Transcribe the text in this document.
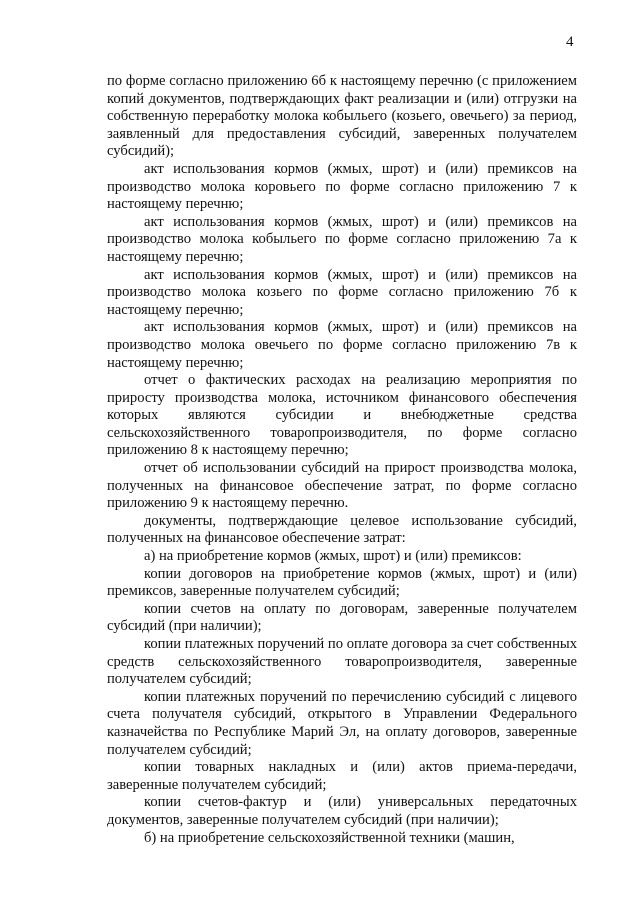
4

по форме согласно приложению 6б к настоящему перечню (с приложением копий документов, подтверждающих факт реализации и (или) отгрузки на собственную переработку молока кобыльего (козьего, овечьего) за период, заявленный для предоставления субсидий, заверенных получателем субсидий);

акт использования кормов (жмых, шрот) и (или) премиксов на производство молока коровьего по форме согласно приложению 7 к настоящему перечню;

акт использования кормов (жмых, шрот) и (или) премиксов на производство молока кобыльего по форме согласно приложению 7а к настоящему перечню;

акт использования кормов (жмых, шрот) и (или) премиксов на производство молока козьего по форме согласно приложению 7б к настоящему перечню;

акт использования кормов (жмых, шрот) и (или) премиксов на производство молока овечьего по форме согласно приложению 7в к настоящему перечню;

отчет о фактических расходах на реализацию мероприятия по приросту производства молока, источником финансового обеспечения которых являются субсидии и внебюджетные средства сельскохозяйственного товаропроизводителя, по форме согласно приложению 8 к настоящему перечню;

отчет об использовании субсидий на прирост производства молока, полученных на финансовое обеспечение затрат, по форме согласно приложению 9 к настоящему перечню.

документы, подтверждающие целевое использование субсидий, полученных на финансовое обеспечение затрат:

а) на приобретение кормов (жмых, шрот) и (или) премиксов:

копии договоров на приобретение кормов (жмых, шрот) и (или) премиксов, заверенные получателем субсидий;

копии счетов на оплату по договорам, заверенные получателем субсидий (при наличии);

копии платежных поручений по оплате договора за счет собственных средств сельскохозяйственного товаропроизводителя, заверенные получателем субсидий;

копии платежных поручений по перечислению субсидий с лицевого счета получателя субсидий, открытого в Управлении Федерального казначейства по Республике Марий Эл, на оплату договоров, заверенные получателем субсидий;

копии товарных накладных и (или) актов приема-передачи, заверенные получателем субсидий;

копии счетов-фактур и (или) универсальных передаточных документов, заверенные получателем субсидий (при наличии);

б) на приобретение сельскохозяйственной техники (машин,
